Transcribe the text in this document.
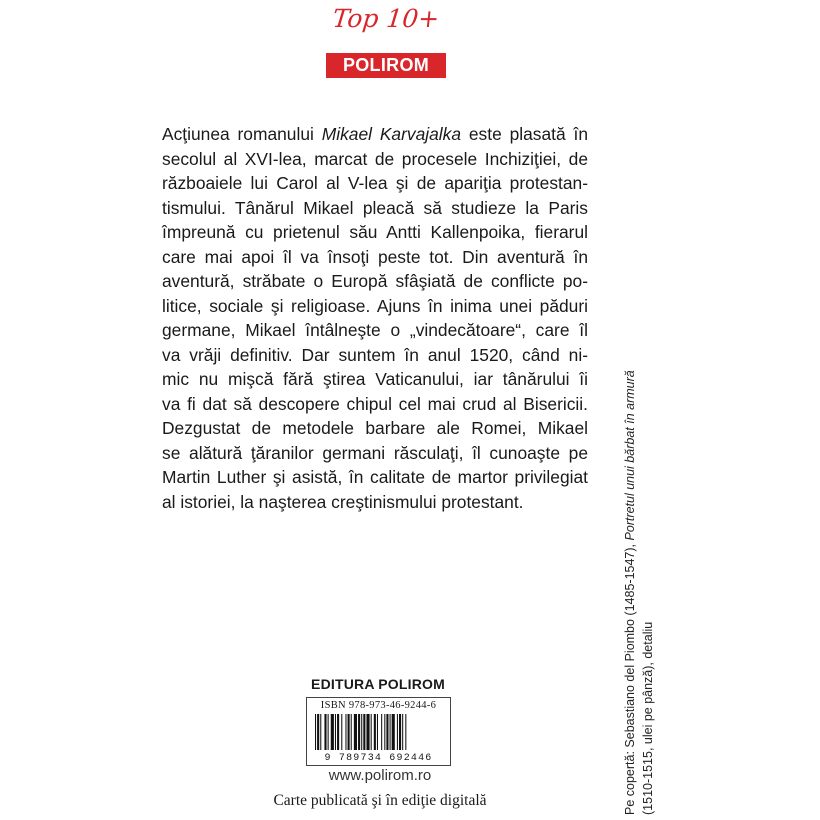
Top 10+
POLIROM
Acţiunea romanului Mikael Karvajalka este plasată în
secolul al XVI-lea, marcat de procesele Inchiziţiei, de
războaiele lui Carol al V-lea şi de apariţia protestan-
tismului. Tânărul Mikael pleacă să studieze la Paris
împreună cu prietenul său Antti Kallenpoika, fierarul
care mai apoi îl va însoţi peste tot. Din aventură în
aventură, străbate o Europă sfâşiată de conflicte po-
litice, sociale şi religioase. Ajuns în inima unei păduri
germane, Mikael întâlneşte o „vindecătoare“, care îl
va vrăji definitiv. Dar suntem în anul 1520, când ni-
mic nu mişcă fără ştirea Vaticanului, iar tânărului îi
va fi dat să descopere chipul cel mai crud al Bisericii.
Dezgustat de metodele barbare ale Romei, Mikael
se alătură ţăranilor germani răsculaţi, îl cunoaşte pe
Martin Luther şi asistă, în calitate de martor privilegiat
al istoriei, la naşterea creştinismului protestant.
Pe copertă: Sebastiano del Piombo (1485-1547), Portretul unui bărbat în armură
(1510-1515, ulei pe pânză), detaliu
EDITURA POLIROM
ISBN 978-973-46-9244-6
9 789734 692446
www.polirom.ro
Carte publicată şi în ediţie digitală
